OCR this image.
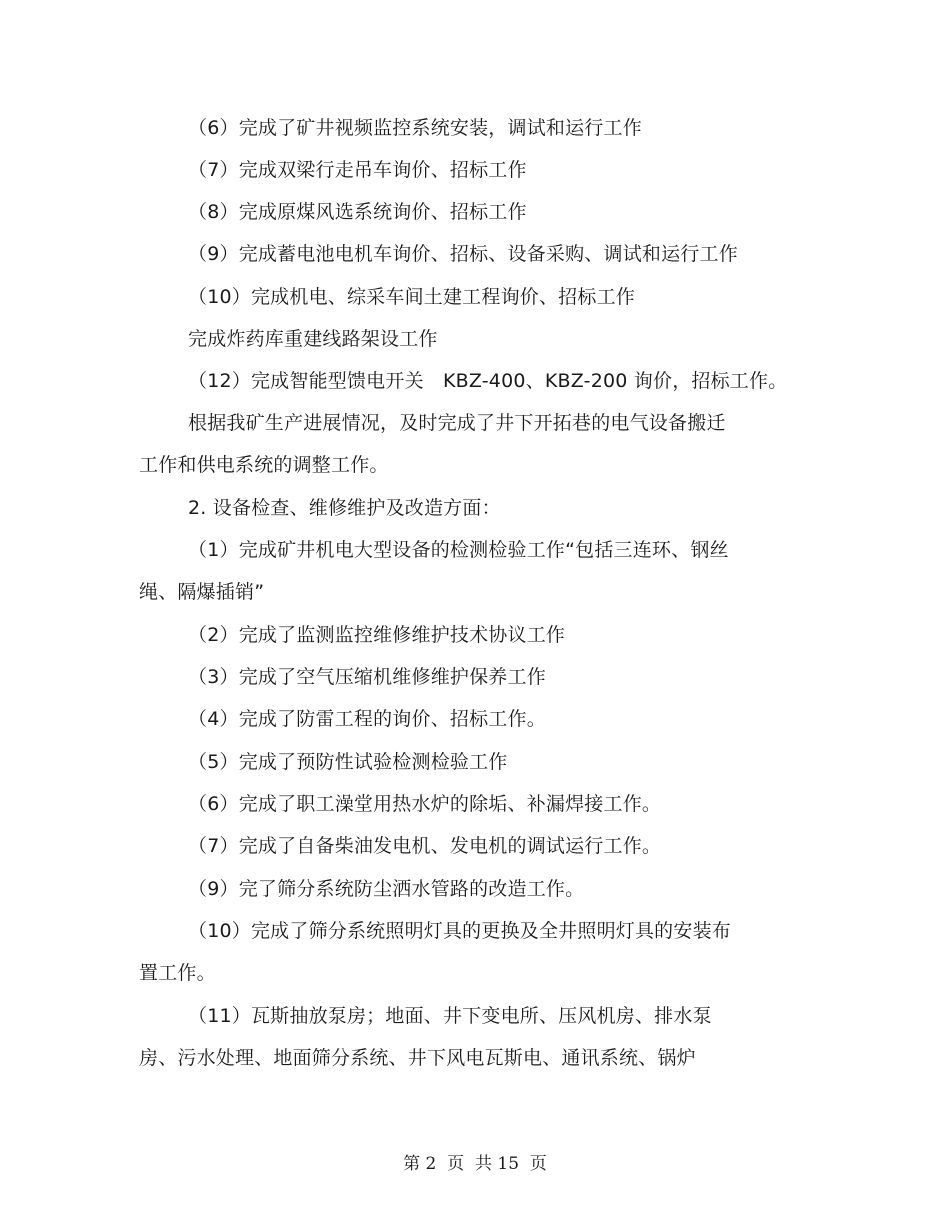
（6）完成了矿井视频监控系统安装，调试和运行工作
（7）完成双梁行走吊车询价、招标工作
（8）完成原煤风选系统询价、招标工作
（9）完成蓄电池电机车询价、招标、设备采购、调试和运行工作
（10）完成机电、综采车间土建工程询价、招标工作
完成炸药库重建线路架设工作
（12）完成智能型馈电开关　KBZ-400、KBZ-200 询价，招标工作。
根据我矿生产进展情况，及时完成了井下开拓巷的电气设备搬迁
工作和供电系统的调整工作。
2. 设备检查、维修维护及改造方面：
（1）完成矿井机电大型设备的检测检验工作“包括三连环、钢丝
绳、隔爆插销”
（2）完成了监测监控维修维护技术协议工作
（3）完成了空气压缩机维修维护保养工作
（4）完成了防雷工程的询价、招标工作。
（5）完成了预防性试验检测检验工作
（6）完成了职工澡堂用热水炉的除垢、补漏焊接工作。
（7）完成了自备柴油发电机、发电机的调试运行工作。
（9）完了筛分系统防尘洒水管路的改造工作。
（10）完成了筛分系统照明灯具的更换及全井照明灯具的安装布
置工作。
（11）瓦斯抽放泵房；地面、井下变电所、压风机房、排水泵
房、污水处理、地面筛分系统、井下风电瓦斯电、通讯系统、锅炉
第 2  页  共 15  页
